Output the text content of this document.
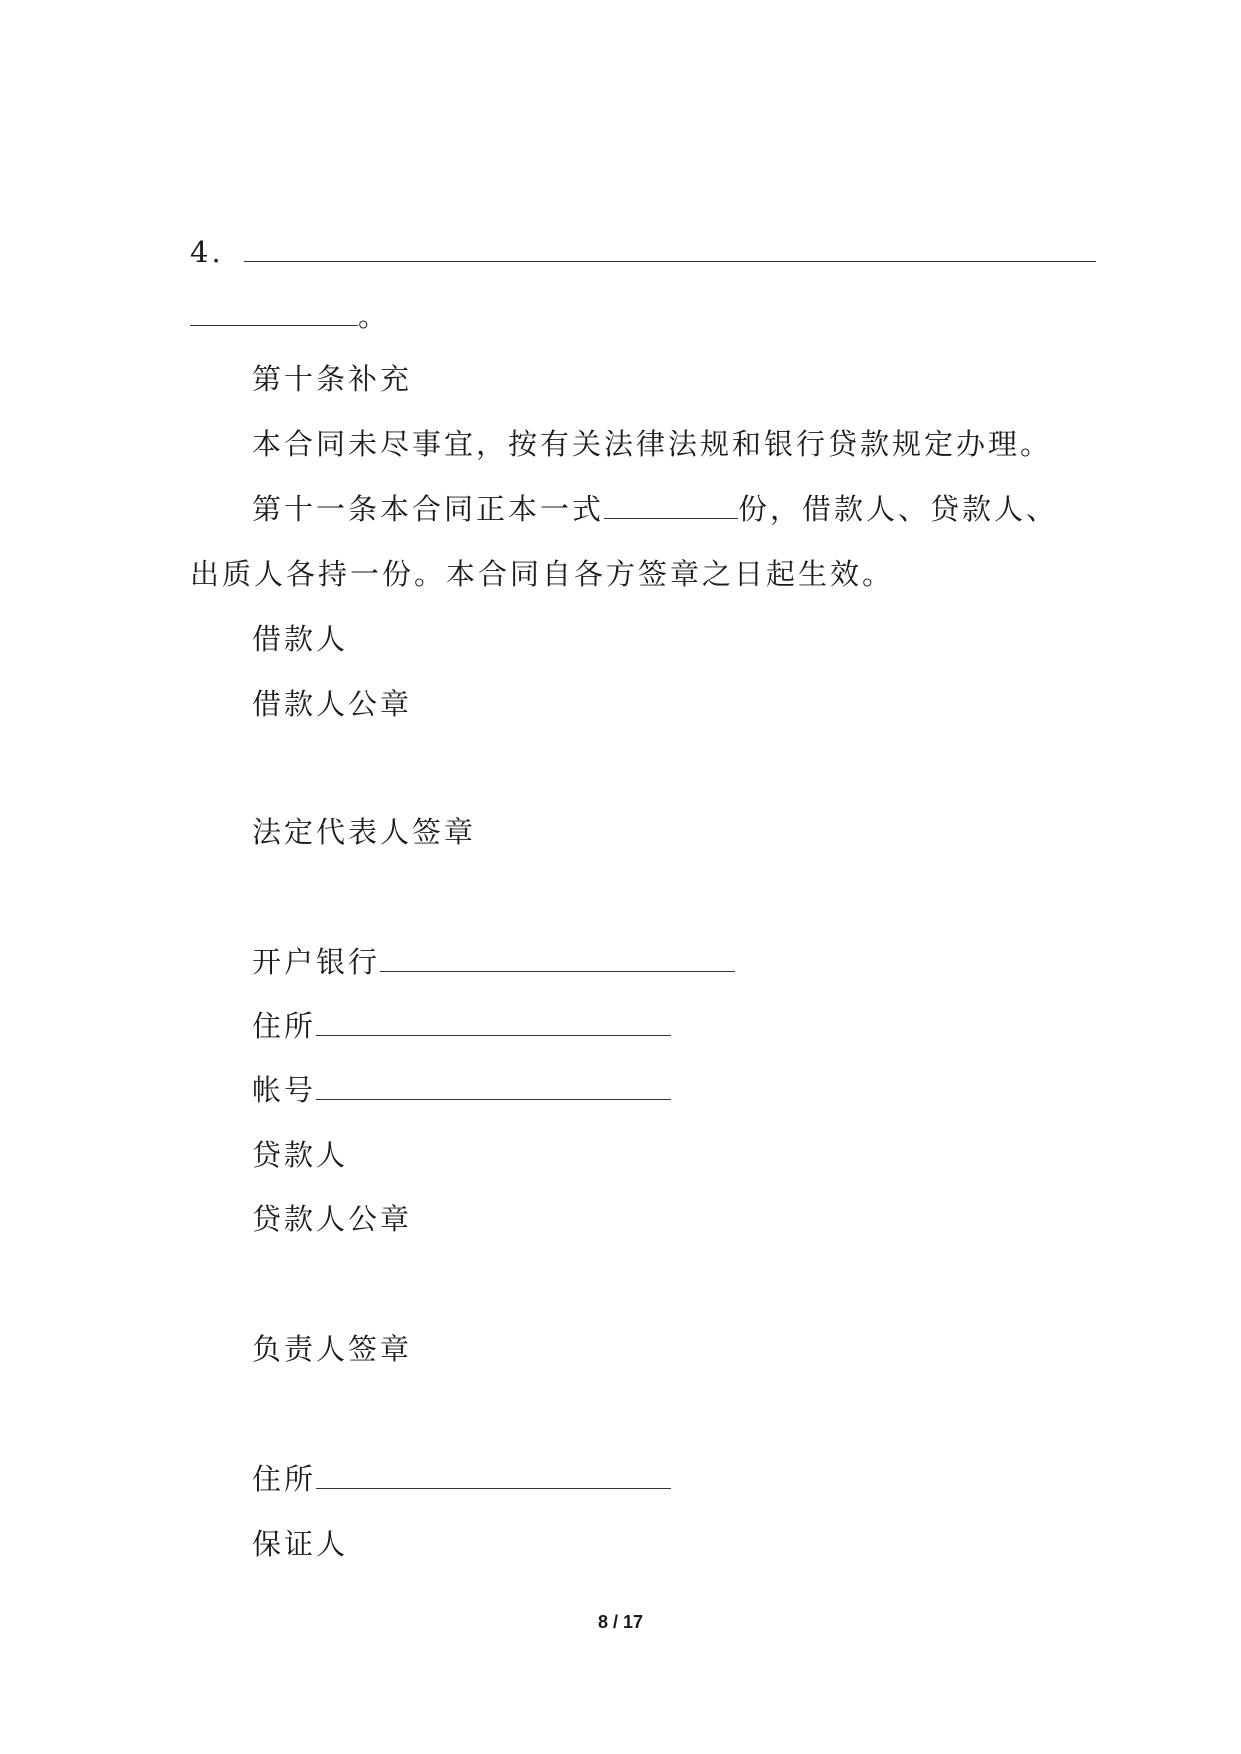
4.
。
第十条补充
本合同未尽事宜，按有关法律法规和银行贷款规定办理。
第十一条本合同正本一式	份，借款人、贷款人、
出质人各持一份。本合同自各方签章之日起生效。
借款人
借款人公章
法定代表人签章
开户银行
住所
帐号
贷款人
贷款人公章
负责人签章
住所
保证人
8 / 17
